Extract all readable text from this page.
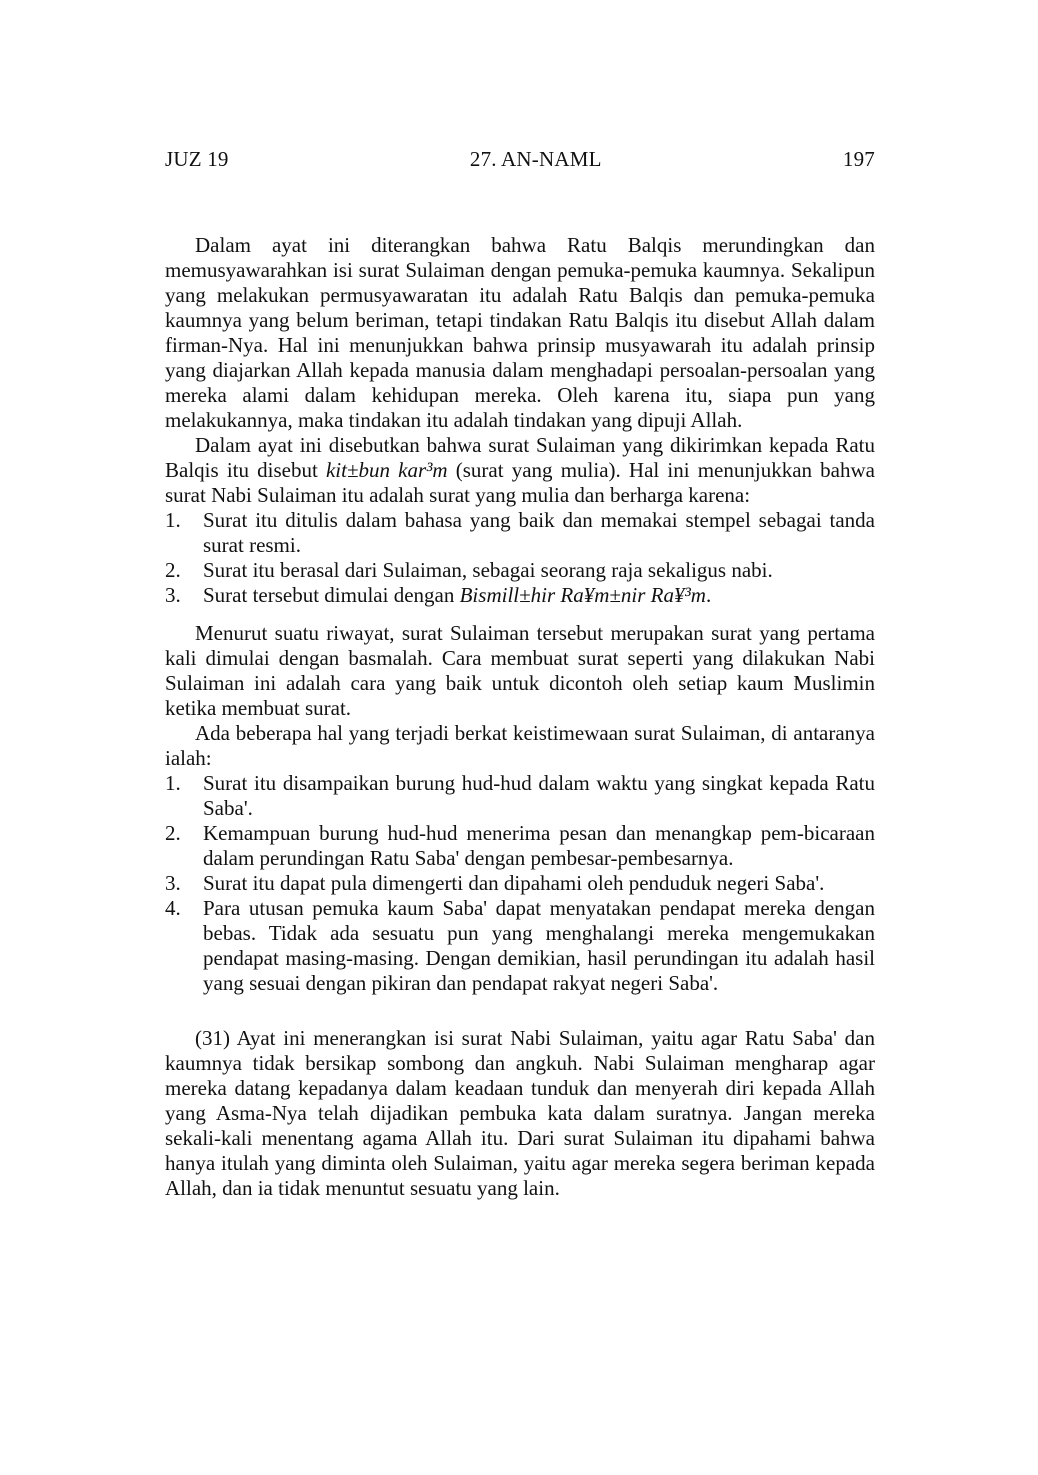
JUZ 19	27. AN-NAML	197

Dalam ayat ini diterangkan bahwa Ratu Balqis merundingkan dan memusyawarahkan isi surat Sulaiman dengan pemuka-pemuka kaumnya. Sekalipun yang melakukan permusyawaratan itu adalah Ratu Balqis dan pemuka-pemuka kaumnya yang belum beriman, tetapi tindakan Ratu Balqis itu disebut Allah dalam firman-Nya. Hal ini menunjukkan bahwa prinsip musyawarah itu adalah prinsip yang diajarkan Allah kepada manusia dalam menghadapi persoalan-persoalan yang mereka alami dalam kehidupan mereka. Oleh karena itu, siapa pun yang melakukannya, maka tindakan itu adalah tindakan yang dipuji Allah.

Dalam ayat ini disebutkan bahwa surat Sulaiman yang dikirimkan kepada Ratu Balqis itu disebut kit±bun kar³m (surat yang mulia). Hal ini menunjukkan bahwa surat Nabi Sulaiman itu adalah surat yang mulia dan berharga karena:

1. Surat itu ditulis dalam bahasa yang baik dan memakai stempel sebagai tanda surat resmi.
2. Surat itu berasal dari Sulaiman, sebagai seorang raja sekaligus nabi.
3. Surat tersebut dimulai dengan Bismill±hir Ra¥m±nir Ra¥³m.

Menurut suatu riwayat, surat Sulaiman tersebut merupakan surat yang pertama kali dimulai dengan basmalah. Cara membuat surat seperti yang dilakukan Nabi Sulaiman ini adalah cara yang baik untuk dicontoh oleh setiap kaum Muslimin ketika membuat surat.

Ada beberapa hal yang terjadi berkat keistimewaan surat Sulaiman, di antaranya ialah:

1. Surat itu disampaikan burung hud-hud dalam waktu yang singkat kepada Ratu Saba'.
2. Kemampuan burung hud-hud menerima pesan dan menangkap pem-bicaraan dalam perundingan Ratu Saba' dengan pembesar-pembesarnya.
3. Surat itu dapat pula dimengerti dan dipahami oleh penduduk negeri Saba'.
4. Para utusan pemuka kaum Saba' dapat menyatakan pendapat mereka dengan bebas. Tidak ada sesuatu pun yang menghalangi mereka mengemukakan pendapat masing-masing. Dengan demikian, hasil perundingan itu adalah hasil yang sesuai dengan pikiran dan pendapat rakyat negeri Saba'.

(31) Ayat ini menerangkan isi surat Nabi Sulaiman, yaitu agar Ratu Saba' dan kaumnya tidak bersikap sombong dan angkuh. Nabi Sulaiman mengharap agar mereka datang kepadanya dalam keadaan tunduk dan menyerah diri kepada Allah yang Asma-Nya telah dijadikan pembuka kata dalam suratnya. Jangan mereka sekali-kali menentang agama Allah itu. Dari surat Sulaiman itu dipahami bahwa hanya itulah yang diminta oleh Sulaiman, yaitu agar mereka segera beriman kepada Allah, dan ia tidak menuntut sesuatu yang lain.
